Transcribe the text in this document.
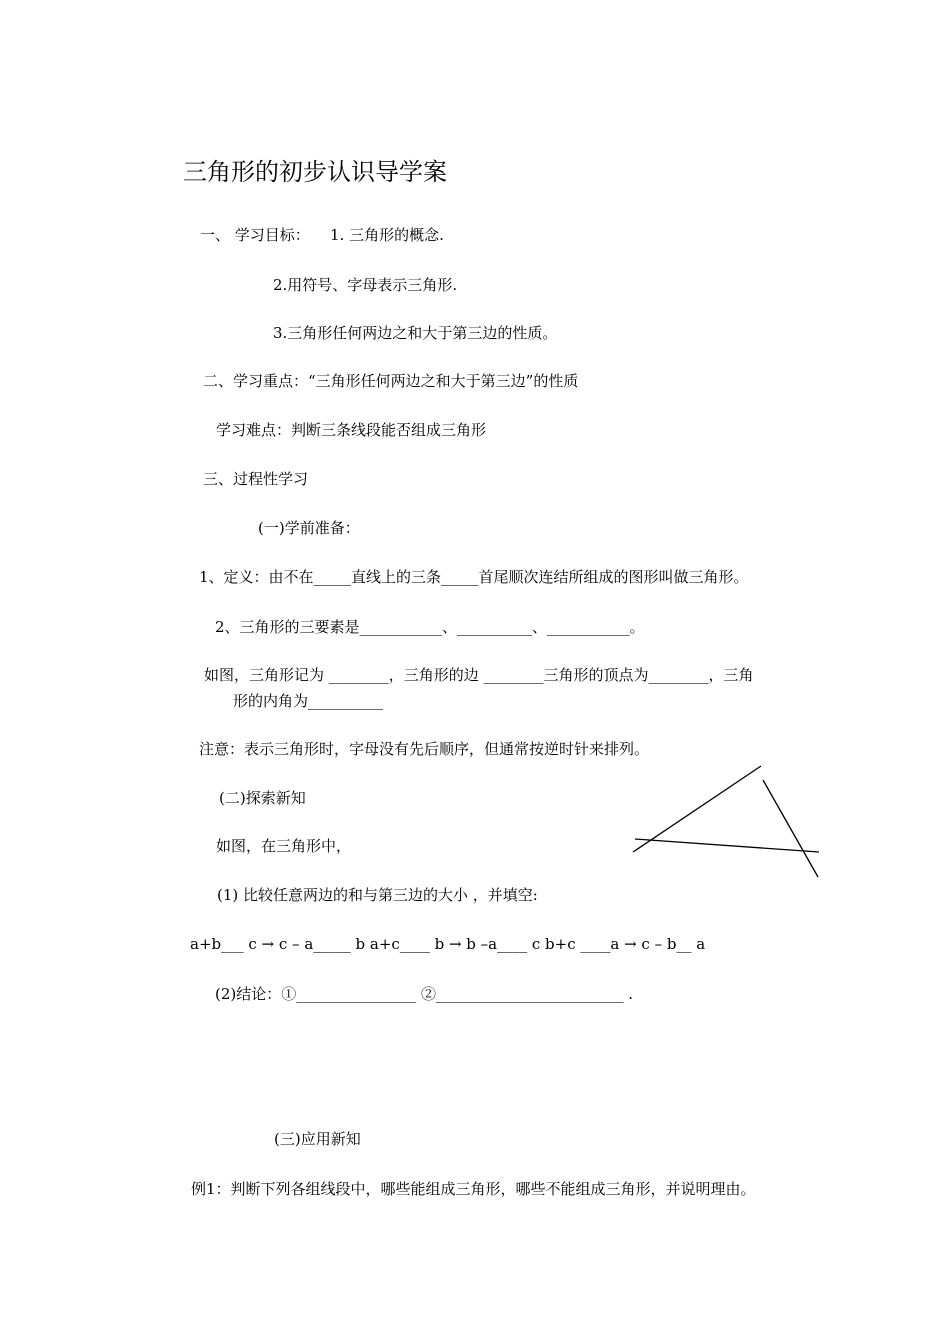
三角形的初步认识导学案
一、 学习目标： 1. 三角形的概念.
2.用符号、字母表示三角形.
3.三角形任何两边之和大于第三边的性质。
二、学习重点：“三角形任何两边之和大于第三边”的性质
学习难点：判断三条线段能否组成三角形
三、过程性学习
(一)学前准备：
1、定义：由不在_____直线上的三条_____首尾顺次连结所组成的图形叫做三角形。
2、三角形的三要素是___________、__________、___________。
如图，三角形记为 ________，三角形的边 ________三角形的顶点为________，三角
形的内角为__________
注意：表示三角形时，字母没有先后顺序，但通常按逆时针来排列。
(二)探索新知
如图，在三角形中，
(1) 比较任意两边的和与第三边的大小 ，并填空:
a+b___ c → c – a_____ b a+c____ b → b –a____ c b+c ____a → c – b__ a
(2)结论：①________________ ②_________________________ .
(三)应用新知
例1：判断下列各组线段中，哪些能组成三角形，哪些不能组成三角形，并说明理由。
